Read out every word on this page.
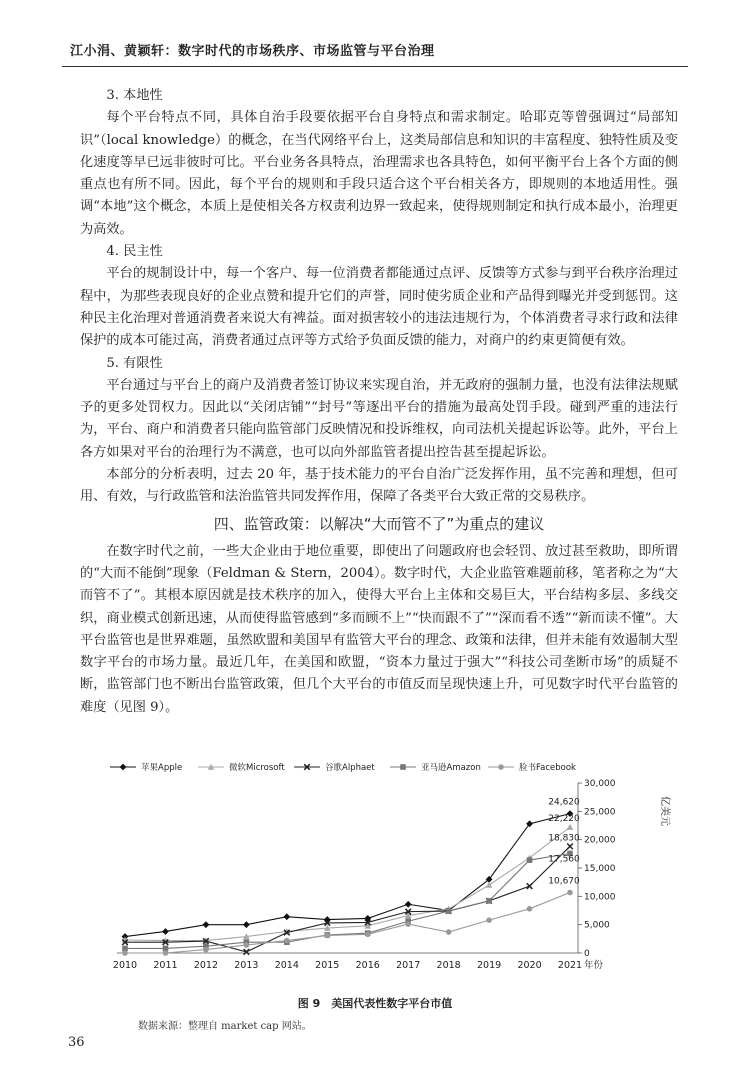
江小涓、黄颖轩：数字时代的市场秩序、市场监管与平台治理

3. 本地性

每个平台特点不同，具体自治手段要依据平台自身特点和需求制定。哈耶克等曾强调过“局部知识”（local knowledge）的概念，在当代网络平台上，这类局部信息和知识的丰富程度、独特性质及变化速度等早已远非彼时可比。平台业务各具特点，治理需求也各具特色，如何平衡平台上各个方面的侧重点也有所不同。因此，每个平台的规则和手段只适合这个平台相关各方，即规则的本地适用性。强调“本地”这个概念，本质上是使相关各方权责利边界一致起来，使得规则制定和执行成本最小，治理更为高效。

4. 民主性

平台的规制设计中，每一个客户、每一位消费者都能通过点评、反馈等方式参与到平台秩序治理过程中，为那些表现良好的企业点赞和提升它们的声誉，同时使劣质企业和产品得到曝光并受到惩罚。这种民主化治理对普通消费者来说大有裨益。面对损害较小的违法违规行为，个体消费者寻求行政和法律保护的成本可能过高，消费者通过点评等方式给予负面反馈的能力，对商户的约束更简便有效。

5. 有限性

平台通过与平台上的商户及消费者签订协议来实现自治，并无政府的强制力量，也没有法律法规赋予的更多处罚权力。因此以“关闭店铺”“封号”等逐出平台的措施为最高处罚手段。碰到严重的违法行为，平台、商户和消费者只能向监管部门反映情况和投诉维权，向司法机关提起诉讼等。此外，平台上各方如果对平台的治理行为不满意，也可以向外部监管者提出控告甚至提起诉讼。

本部分的分析表明，过去 20 年，基于技术能力的平台自治广泛发挥作用，虽不完善和理想，但可用、有效，与行政监管和法治监管共同发挥作用，保障了各类平台大致正常的交易秩序。

四、监管政策：以解决“大而管不了”为重点的建议

在数字时代之前，一些大企业由于地位重要，即使出了问题政府也会轻罚、放过甚至救助，即所谓的“大而不能倒”现象（Feldman & Stern，2004）。数字时代，大企业监管难题前移，笔者称之为“大而管不了”。其根本原因就是技术秩序的加入，使得大平台上主体和交易巨大，平台结构多层、多线交织，商业模式创新迅速，从而使得监管感到“多而顾不上”“快而跟不了”“深而看不透”“新而读不懂”。大平台监管也是世界难题，虽然欧盟和美国早有监管大平台的理念、政策和法律，但并未能有效遏制大型数字平台的市场力量。最近几年，在美国和欧盟，“资本力量过于强大”“科技公司垄断市场”的质疑不断，监管部门也不断出台监管政策，但几个大平台的市值反而呈现快速上升，可见数字时代平台监管的难度（见图 9）。

苹果Apple	微软Microsoft	谷歌Alphaet	亚马逊Amazon	脸书Facebook
2010 2011 2012 2013 2014 2015 2016 2017 2018 2019 2020 2021 年份
0
5,000
10,000
15,000
20,000
25,000
30,000
亿美元
24,620
22,220
18,830
17,560
10,670
图 9　美国代表性数字平台市值
数据来源：整理自 market cap 网站。
36
